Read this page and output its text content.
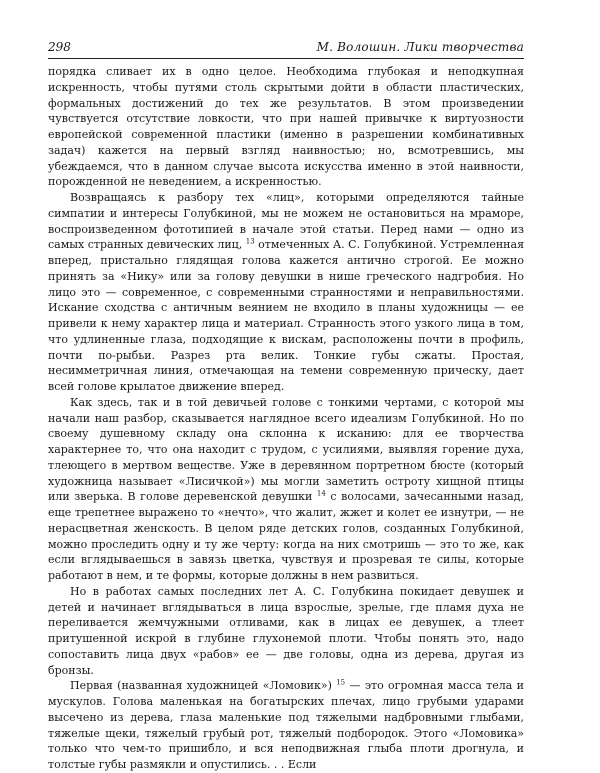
298	М. Волошин. Лики творчества

порядка сливает их в одно целое. Необходима глубокая и неподкупная искренность, чтобы путями столь скрытыми дойти в области пластических, формальных достижений до тех же результатов. В этом произведении чувствуется отсутствие ловкости, что при нашей привычке к виртуозности европейской современной пластики (именно в разрешении комбинативных задач) кажется на первый взгляд наивностью; но, всмотревшись, мы убеждаемся, что в данном случае высота искусства именно в этой наивности, порожденной не неведением, а искренностью.

Возвращаясь к разбору тех «лиц», которыми определяются тайные симпатии и интересы Голубкиной, мы не можем не остановиться на мраморе, воспроизведенном фототипией в начале этой статьи. Перед нами — одно из самых странных девических лиц, $^{13}$ отмеченных А. С. Голубкиной. Устремленная вперед, пристально глядящая голова кажется антично строгой. Ее можно принять за «Нику» или за голову девушки в нише греческого надгробия. Но лицо это — современное, с современными странностями и неправильностями. Искание сходства с античным веянием не входило в планы художницы — ее привели к нему характер лица и материал. Странность этого узкого лица в том, что удлиненные глаза, подходящие к вискам, расположены почти в профиль, почти по-рыбьи. Разрез рта велик. Тонкие губы сжаты. Простая, несимметричная линия, отмечающая на темени современную прическу, дает всей голове крылатое движение вперед.

Как здесь, так и в той девичьей голове с тонкими чертами, с которой мы начали наш разбор, сказывается наглядное всего идеализм Голубкиной. Но по своему душевному складу она склонна к исканию: для ее творчества характернее то, что она находит с трудом, с усилиями, выявляя горение духа, тлеющего в мертвом веществе. Уже в деревянном портретном бюсте (который художница называет «Лисичкой») мы могли заметить остроту хищной птицы или зверька. В голове деревенской девушки $^{14}$ с волосами, зачесанными назад, еще трепетнее выражено то «нечто», что жалит, жжет и колет ее изнутри, — не нерасцветная женскость. В целом ряде детских голов, созданных Голубкиной, можно проследить одну и ту же черту: когда на них смотришь — это то же, как если вглядываешься в завязь цветка, чувствуя и прозревая те силы, которые работают в нем, и те формы, которые должны в нем развиться.

Но в работах самых последних лет А. С. Голубкина покидает девушек и детей и начинает вглядываться в лица взрослые, зрелые, где пламя духа не переливается жемчужными отливами, как в лицах ее девушек, а тлеет притушенной искрой в глубине глухонемой плоти. Чтобы понять это, надо сопоставить лица двух «рабов» ее — две головы, одна из дерева, другая из бронзы.

Первая (названная художницей «Ломовик») $^{15}$ — это огромная масса тела и мускулов. Голова маленькая на богатырских плечах, лицо грубыми ударами высечено из дерева, глаза маленькие под тяжелыми надбровными глыбами, тяжелые щеки, тяжелый грубый рот, тяжелый подбородок. Этого «Ломовика» только что чем-то пришибло, и вся неподвижная глыба плоти дрогнула, и толстые губы размякли и опустились. . . Если
